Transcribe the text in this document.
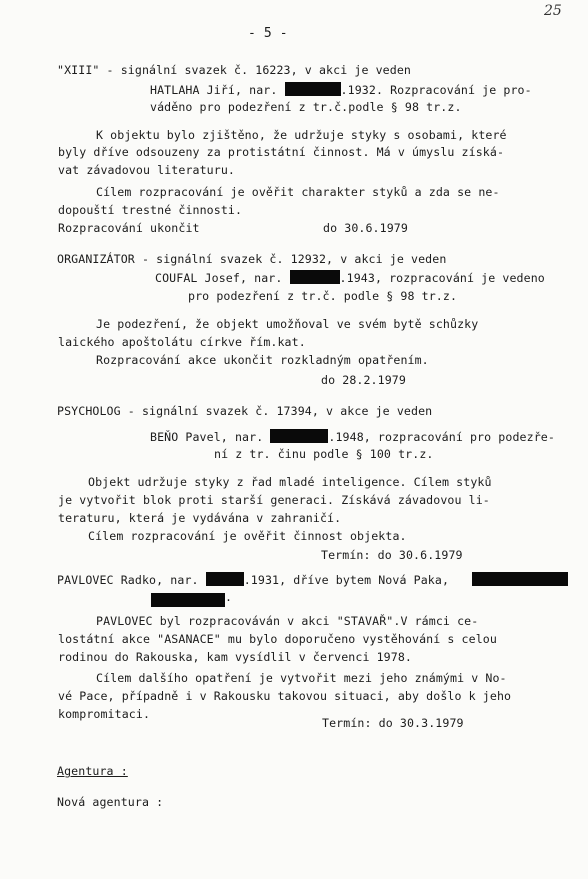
25
- 5 -
"XIII" - signální svazek č. 16223, v akci je veden
HATLAHA Jiří, nar.	.1932. Rozpracování je pro-
váděno pro podezření z tr.č.podle § 98 tr.z.
K objektu bylo zjištěno, že udržuje styky s osobami, které
byly dříve odsouzeny za protistátní činnost. Má v úmyslu získá-
vat závadovou literaturu.
Cílem rozpracování je ověřit charakter styků a zda se ne-
dopouští trestné činnosti.
Rozpracování ukončit	do 30.6.1979
ORGANIZÁTOR - signální svazek č. 12932, v akci je veden
COUFAL Josef, nar.	.1943, rozpracování je vedeno
pro podezření z tr.č. podle § 98 tr.z.
Je podezření, že objekt umožňoval ve svém bytě schůzky
laického apoštolátu církve řím.kat.
Rozpracování akce ukončit rozkladným opatřením.
do 28.2.1979
PSYCHOLOG - signální svazek č. 17394, v akce je veden
BEŇO Pavel, nar.	.1948, rozpracování pro podezře-
ní z tr. činu podle § 100 tr.z.
Objekt udržuje styky z řad mladé inteligence. Cílem styků
je vytvořit blok proti starší generaci. Získává závadovou li-
teraturu, která je vydávána v zahraničí.
Cílem rozpracování je ověřit činnost objekta.
Termín: do 30.6.1979
PAVLOVEC Radko, nar.	.1931, dříve bytem Nová Paka,
.
PAVLOVEC byl rozpracováván v akci "STAVAŘ".V rámci ce-
lostátní akce "ASANACE" mu bylo doporučeno vystěhování s celou
rodinou do Rakouska, kam vysídlil v červenci 1978.
Cílem dalšího opatření je vytvořit mezi jeho známými v No-
vé Pace, případně i v Rakousku takovou situaci, aby došlo k jeho
kompromitaci.
Termín: do 30.3.1979
Agentura :
Nová agentura :
